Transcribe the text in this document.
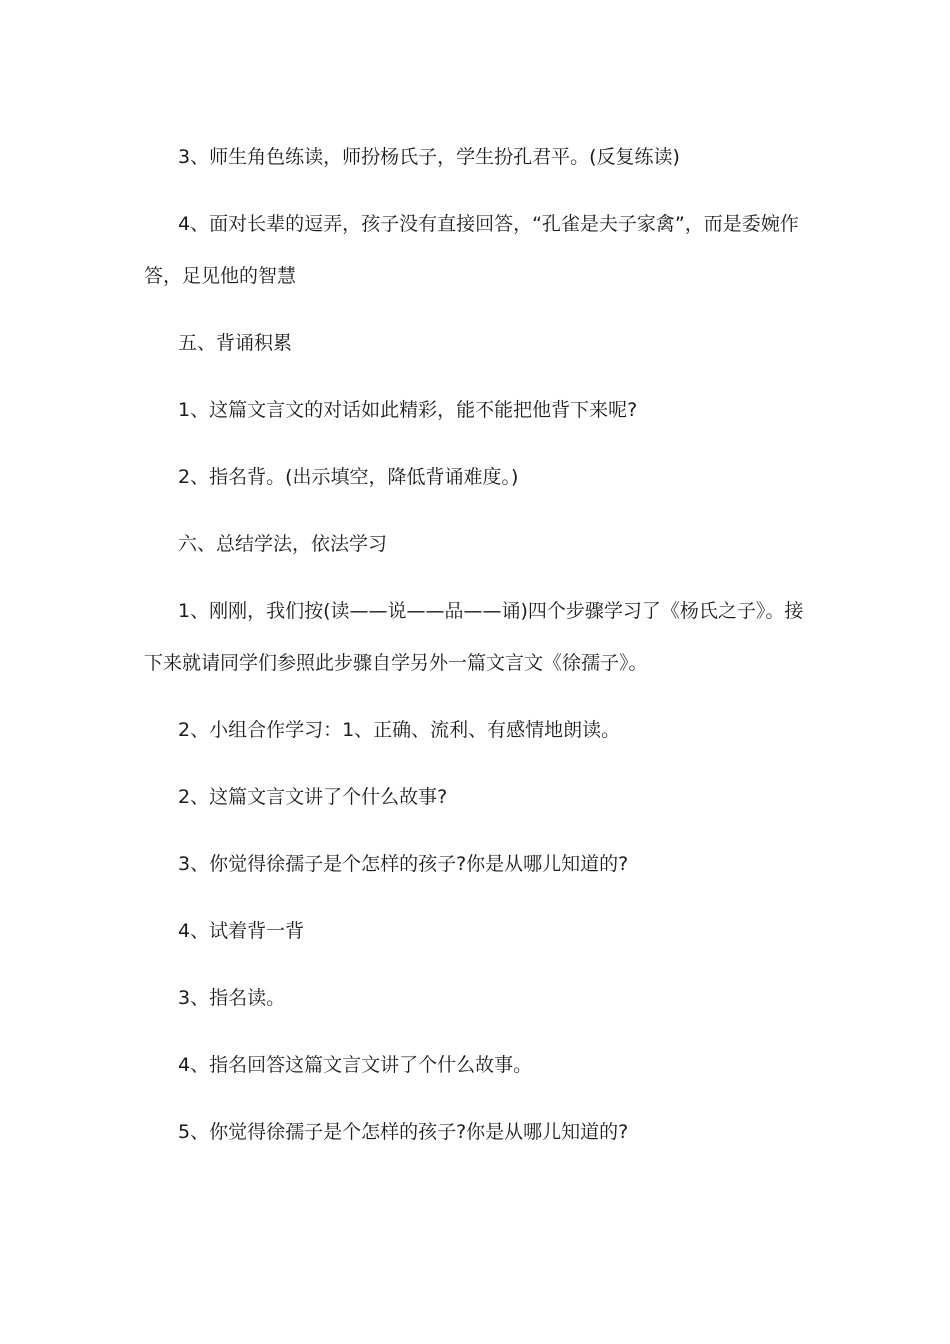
3、师生角色练读，师扮杨氏子，学生扮孔君平。(反复练读)

4、面对长辈的逗弄，孩子没有直接回答，“孔雀是夫子家禽”，而是委婉作答，足见他的智慧

五、背诵积累

1、这篇文言文的对话如此精彩，能不能把他背下来呢?

2、指名背。(出示填空，降低背诵难度。)

六、总结学法，依法学习

1、刚刚，我们按(读——说——品——诵)四个步骤学习了《杨氏之子》。接下来就请同学们参照此步骤自学另外一篇文言文《徐孺子》。

2、小组合作学习：1、正确、流利、有感情地朗读。

2、这篇文言文讲了个什么故事?

3、你觉得徐孺子是个怎样的孩子?你是从哪儿知道的?

4、试着背一背

3、指名读。

4、指名回答这篇文言文讲了个什么故事。

5、你觉得徐孺子是个怎样的孩子?你是从哪儿知道的?
